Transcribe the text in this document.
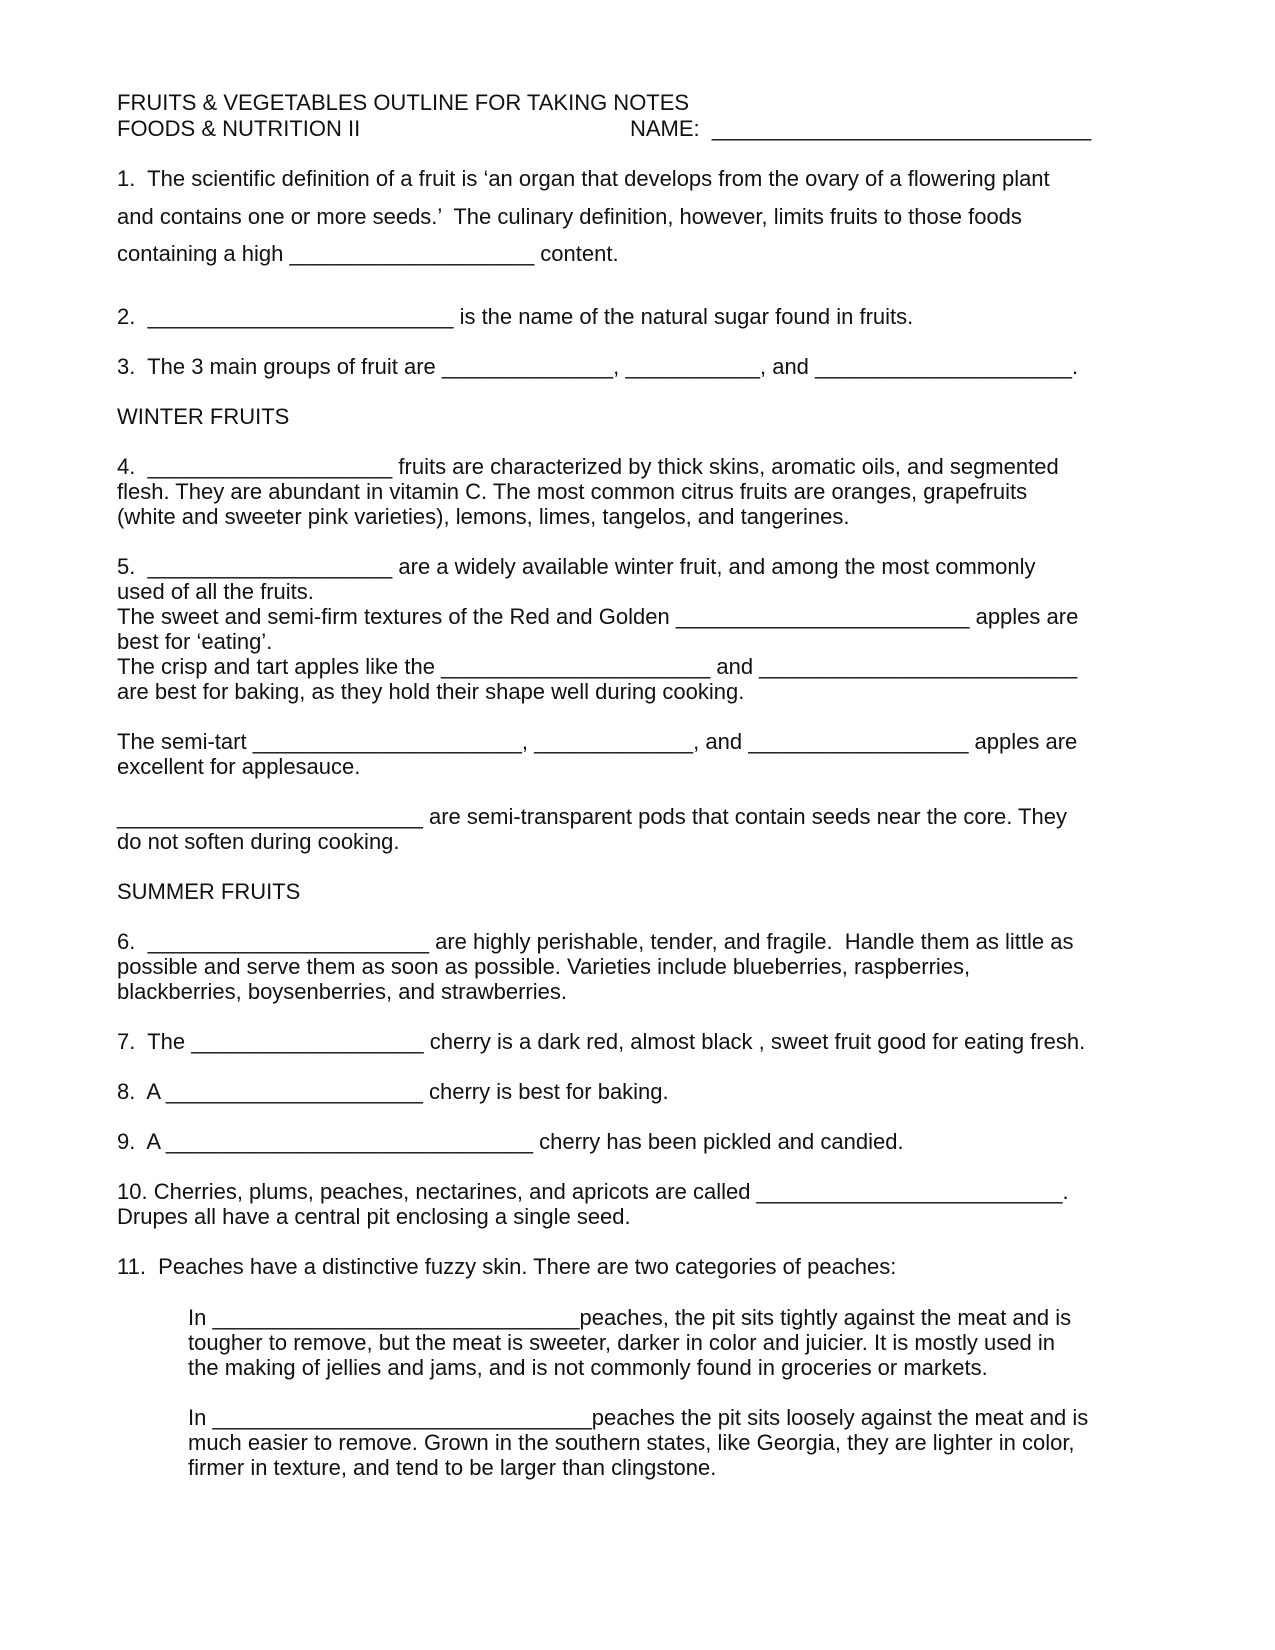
FRUITS & VEGETABLES OUTLINE FOR TAKING NOTES
FOODS & NUTRITION II	NAME:  _______________________________
1.  The scientific definition of a fruit is ‘an organ that develops from the ovary of a flowering plant
and contains one or more seeds.’  The culinary definition, however, limits fruits to those foods
containing a high ____________________ content.
2.  _________________________ is the name of the natural sugar found in fruits.
3.  The 3 main groups of fruit are ______________, ___________, and _____________________.
WINTER FRUITS
4.  ____________________ fruits are characterized by thick skins, aromatic oils, and segmented
flesh. They are abundant in vitamin C. The most common citrus fruits are oranges, grapefruits
(white and sweeter pink varieties), lemons, limes, tangelos, and tangerines.
5.  ____________________ are a widely available winter fruit, and among the most commonly
used of all the fruits.
The sweet and semi-firm textures of the Red and Golden ________________________ apples are
best for ‘eating’.
The crisp and tart apples like the ______________________ and __________________________
are best for baking, as they hold their shape well during cooking.
The semi-tart ______________________, _____________, and __________________ apples are
excellent for applesauce.
_________________________ are semi-transparent pods that contain seeds near the core. They
do not soften during cooking.
SUMMER FRUITS
6.  _______________________ are highly perishable, tender, and fragile.  Handle them as little as
possible and serve them as soon as possible. Varieties include blueberries, raspberries,
blackberries, boysenberries, and strawberries.
7.  The ___________________ cherry is a dark red, almost black , sweet fruit good for eating fresh.
8.  A _____________________ cherry is best for baking.
9.  A ______________________________ cherry has been pickled and candied.
10. Cherries, plums, peaches, nectarines, and apricots are called _________________________.
Drupes all have a central pit enclosing a single seed.
11.  Peaches have a distinctive fuzzy skin. There are two categories of peaches:
In ______________________________peaches, the pit sits tightly against the meat and is
tougher to remove, but the meat is sweeter, darker in color and juicier. It is mostly used in
the making of jellies and jams, and is not commonly found in groceries or markets.
In _______________________________peaches the pit sits loosely against the meat and is
much easier to remove. Grown in the southern states, like Georgia, they are lighter in color,
firmer in texture, and tend to be larger than clingstone.
